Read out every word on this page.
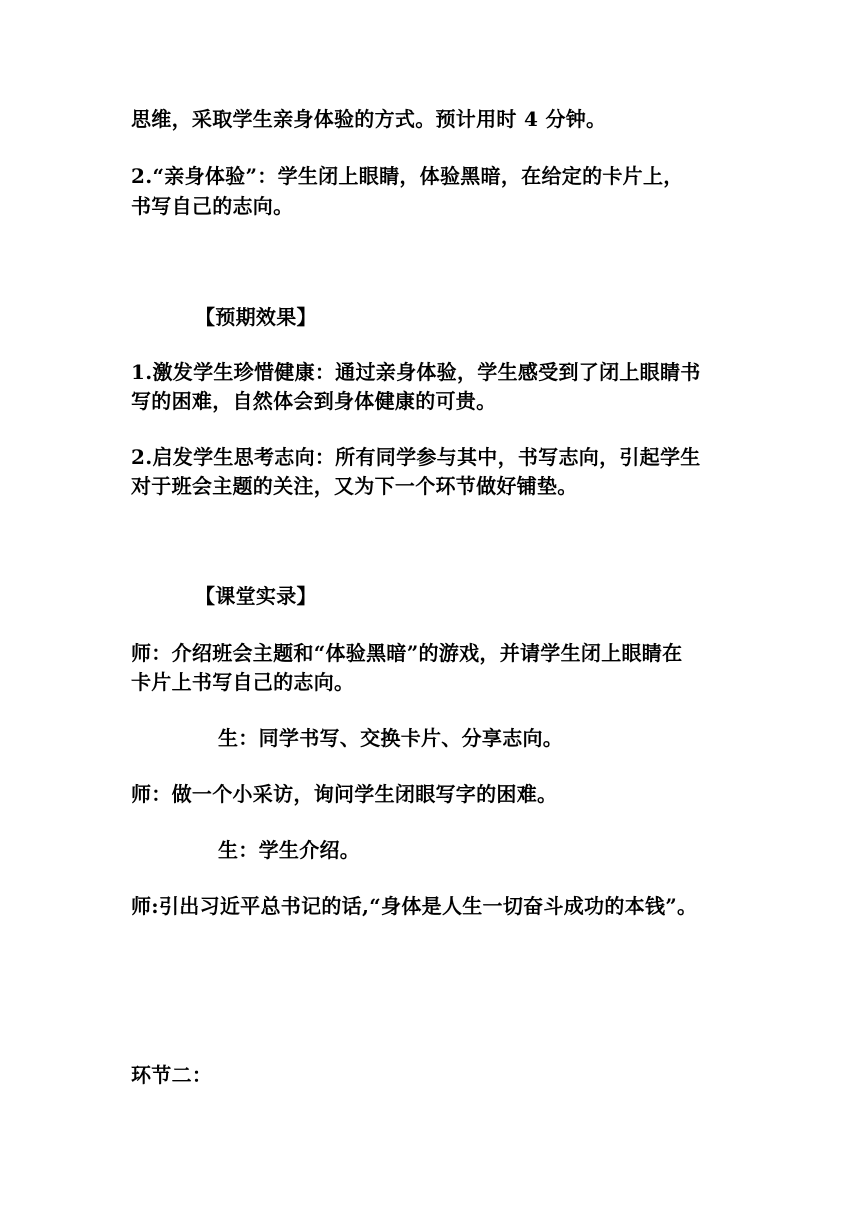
思维，采取学生亲身体验的方式。预计用时 4 分钟。
2.“亲身体验”：学生闭上眼睛，体验黑暗，在给定的卡片上，
书写自己的志向。
【预期效果】
1.激发学生珍惜健康：通过亲身体验，学生感受到了闭上眼睛书
写的困难，自然体会到身体健康的可贵。
2.启发学生思考志向：所有同学参与其中，书写志向，引起学生
对于班会主题的关注，又为下一个环节做好铺垫。
【课堂实录】
师：介绍班会主题和“体验黑暗”的游戏，并请学生闭上眼睛在
卡片上书写自己的志向。
生：同学书写、交换卡片、分享志向。
师：做一个小采访，询问学生闭眼写字的困难。
生：学生介绍。
师:引出习近平总书记的话,“身体是人生一切奋斗成功的本钱”。
环节二：
